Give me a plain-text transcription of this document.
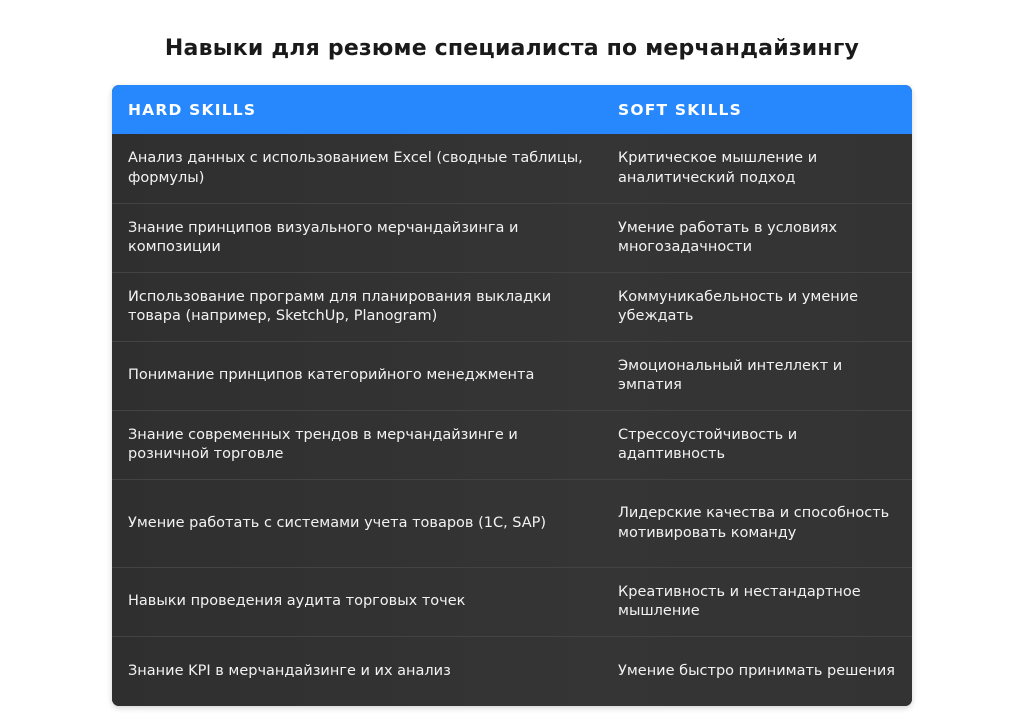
Навыки для резюме специалиста по мерчандайзингу
HARD SKILLS	SOFT SKILLS
Анализ данных с использованием Excel (сводные таблицы, формулы)
Критическое мышление и аналитический подход
Знание принципов визуального мерчандайзинга и композиции
Умение работать в условиях многозадачности
Использование программ для планирования выкладки товара (например, SketchUp, Planogram)
Коммуникабельность и умение убеждать
Понимание принципов категорийного менеджмента
Эмоциональный интеллект и эмпатия
Знание современных трендов в мерчандайзинге и розничной торговле
Стрессоустойчивость и адаптивность
Умение работать с системами учета товаров (1С, SAP)
Лидерские качества и способность мотивировать команду
Навыки проведения аудита торговых точек
Креативность и нестандартное мышление
Знание KPI в мерчандайзинге и их анализ	Умение быстро принимать решения
